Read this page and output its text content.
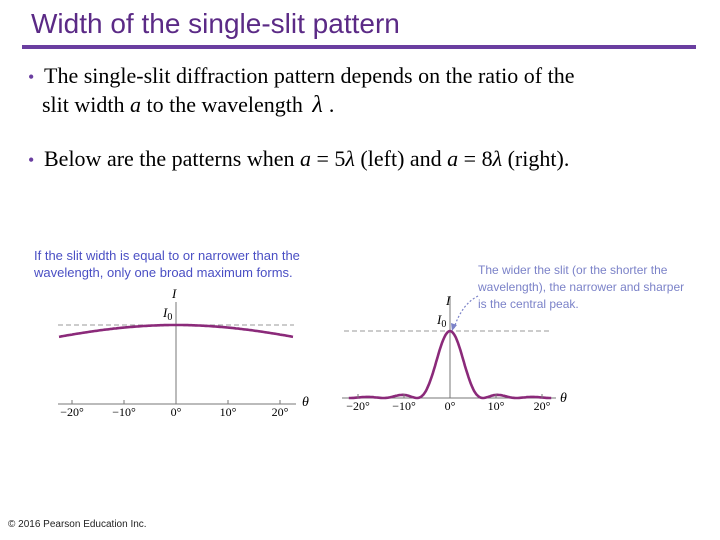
Width of the single-slit pattern
• The single-slit diffraction pattern depends on the ratio of the
slit width a to the wavelength λ .
• Below are the patterns when a = 5λ (left) and a = 8λ (right).
If the slit width is equal to or narrower than the
wavelength, only one broad maximum forms.	The wider the slit (or the shorter the
wavelength), the narrower and sharper
is the central peak.
−20° −10°	0°	10°	20°
I
$I_0$
θ	−20° −10° 0°	10° 20°
I
$I_0$
θ
© 2016 Pearson Education Inc.
